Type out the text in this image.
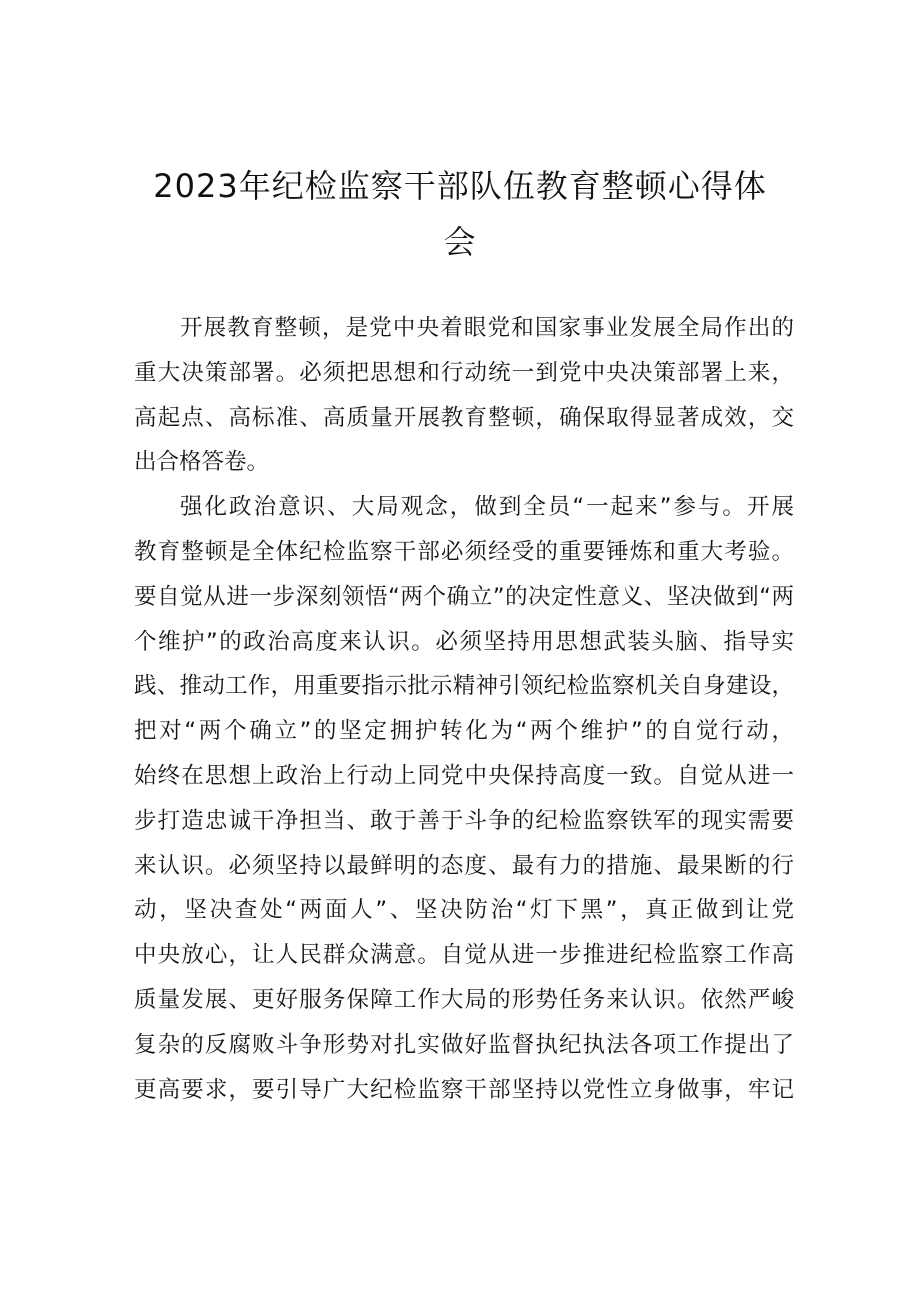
2023年纪检监察干部队伍教育整顿心得体
会

开展教育整顿，是党中央着眼党和国家事业发展全局作出的
重大决策部署。必须把思想和行动统一到党中央决策部署上来，
高起点、高标准、高质量开展教育整顿，确保取得显著成效，交
出合格答卷。

强化政治意识、大局观念，做到全员“一起来”参与。开展
教育整顿是全体纪检监察干部必须经受的重要锤炼和重大考验。
要自觉从进一步深刻领悟“两个确立”的决定性意义、坚决做到“两
个维护”的政治高度来认识。必须坚持用思想武装头脑、指导实
践、推动工作，用重要指示批示精神引领纪检监察机关自身建设，
把对“两个确立”的坚定拥护转化为“两个维护”的自觉行动，
始终在思想上政治上行动上同党中央保持高度一致。自觉从进一
步打造忠诚干净担当、敢于善于斗争的纪检监察铁军的现实需要
来认识。必须坚持以最鲜明的态度、最有力的措施、最果断的行
动，坚决查处“两面人”、坚决防治“灯下黑”，真正做到让党
中央放心，让人民群众满意。自觉从进一步推进纪检监察工作高
质量发展、更好服务保障工作大局的形势任务来认识。依然严峻
复杂的反腐败斗争形势对扎实做好监督执纪执法各项工作提出了
更高要求，要引导广大纪检监察干部坚持以党性立身做事，牢记
